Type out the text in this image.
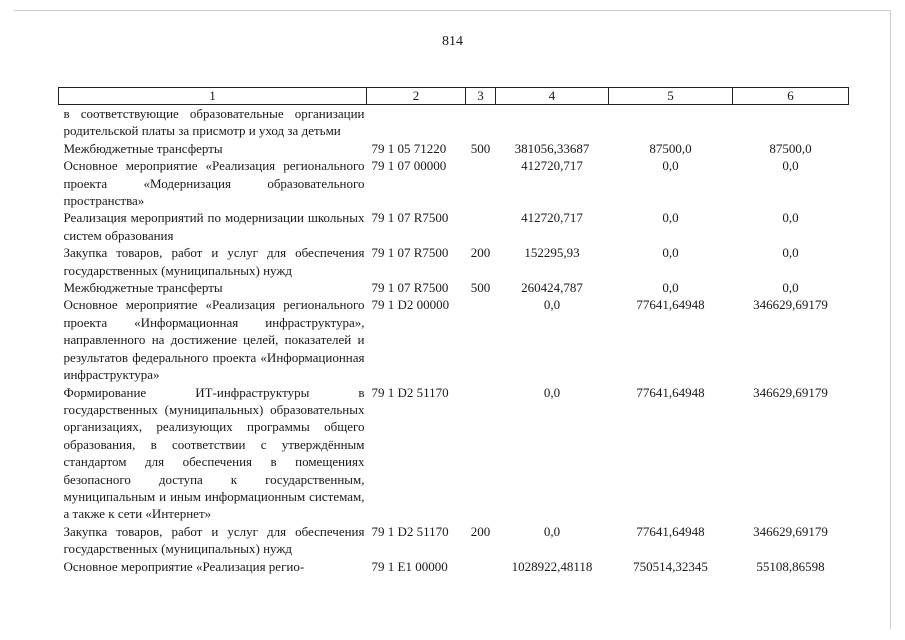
814
1	2	3	4	5	6
в соответствующие образовательные организации родительской платы за присмотр и уход за детьми					
Межбюджетные трансферты	79 1 05 71220	500	381056,33687	87500,0	87500,0
Основное мероприятие «Реализация регионального проекта «Модернизация образовательного пространства»	79 1 07 00000		412720,717	0,0	0,0
Реализация мероприятий по модернизации школьных систем образования	79 1 07 R7500		412720,717	0,0	0,0
Закупка товаров, работ и услуг для обеспечения государственных (муниципальных) нужд	79 1 07 R7500	200	152295,93	0,0	0,0
Межбюджетные трансферты	79 1 07 R7500	500	260424,787	0,0	0,0
Основное мероприятие «Реализация регионального проекта «Информационная инфраструктура», направленного на достижение целей, показателей и результатов федерального проекта «Информационная инфраструктура»	79 1 D2 00000		0,0	77641,64948	346629,69179
Формирование ИТ-инфраструктуры в государственных (муниципальных) образовательных организациях, реализующих программы общего образования, в соответствии с утверждённым стандартом для обеспечения в помещениях безопасного доступа к государственным, муниципальным и иным информационным системам, а также к сети «Интернет»	79 1 D2 51170		0,0	77641,64948	346629,69179
Закупка товаров, работ и услуг для обеспечения государственных (муниципальных) нужд	79 1 D2 51170	200	0,0	77641,64948	346629,69179
Основное мероприятие «Реализация регио-	79 1 E1 00000		1028922,48118	750514,32345	55108,86598
